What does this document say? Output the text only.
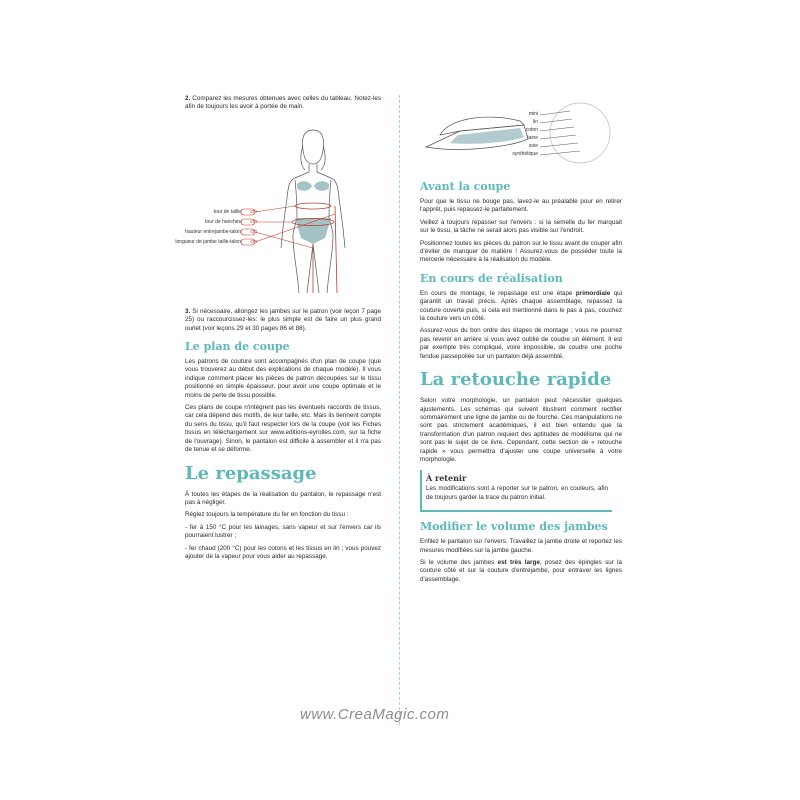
2. Comparez les mesures obtenues avec celles du tableau. Notez-les afin de toujours les avoir à portée de main.

tour de taille
tour de hanches
hauteur entrejambe-talon
longueur de jambe taille-talon
cm
cm
cm
cm

3. Si nécessaire, allongez les jambes sur le patron (voir leçon 7 page 25) ou raccourcissez-les: le plus simple est de faire un plus grand ourlet (voir leçons 29 et 30 pages 86 et 88).

Le plan de coupe

Les patrons de couture sont accompagnés d'un plan de coupe (que vous trouverez au début des explications de chaque modèle). Il vous indique comment placer les pièces de patron découpées sur le tissu positionné en simple épaisseur, pour avoir une coupe optimale et le moins de perte de tissu possible.

Ces plans de coupe n'intègrent pas les éventuels raccords de tissus, car cela dépend des motifs, de leur taille, etc. Mais ils tiennent compte du sens du tissu, qu'il faut respecter lors de la coupe (voir les Fiches tissus en téléchargement sur www.editions-eyrolles.com, sur la fiche de l'ouvrage). Sinon, le pantalon est difficile à assembler et il n'a pas de tenue et se déforme.

Le repassage

À toutes les étapes de la réalisation du pantalon, le repassage n'est pas à négliger.

Réglez toujours la température du fer en fonction du tissu :

- fer à 150 °C pour les lainages, sans vapeur et sur l'envers car ils pourraient lustrer ;

- fer chaud (200 °C) pour les cotons et les tissus en lin ; vous pouvez ajouter de la vapeur pour vous aider au repassage.

mini
lin
coton
laine
soie
synthétique
Avant la coupe

Pour que le tissu ne bouge pas, lavez-le au préalable pour en retirer l'apprêt, puis repassez-le parfaitement.

Veillez à toujours repasser sur l'envers : si la semelle du fer marquait sur le tissu, la tâche ne serait alors pas visible sur l'endroit.

Positionnez toutes les pièces du patron sur le tissu avant de couper afin d'éviter de manquer de matière ! Assurez-vous de posséder toute la mercerie nécessaire à la réalisation du modèle.

En cours de réalisation

En cours de montage, le repassage est une étape primordiale qui garantit un travail précis. Après chaque assemblage, repassez la couture ouverte puis, si cela est mentionné dans le pas à pas, couchez la couture vers un côté.

Assurez-vous du bon ordre des étapes de montage ; vous ne pourrez pas revenir en arrière si vous avez oublié de coudre un élément. Il est par exemple très compliqué, voire impossible, de coudre une poche fendue passepoilée sur un pantalon déjà assemblé.

La retouche rapide

Selon votre morphologie, un pantalon peut nécessiter quelques ajustements. Les schémas qui suivent illustrent comment rectifier sommairement une ligne de jambe ou de fourche. Ces manipulations ne sont pas strictement académiques, il est bien entendu que la transformation d'un patron requiert des aptitudes de modélisme qui ne sont pas le sujet de ce livre. Cependant, cette section de « retouche rapide » vous permettra d'ajuster une coupe universelle à votre morphologie.

À retenir

Les modifications sont à reporter sur le patron, en couleurs, afin de toujours garder la trace du patron initial.

Modifier le volume des jambes

Enfilez le pantalon sur l'envers. Travaillez la jambe droite et reportez les mesures modifiées sur la jambe gauche.

Si le volume des jambes est très large, posez des épingles sur la couture côté et sur la couture d'entrejambe, pour entraver les lignes d'assemblage.

www.CreaMagic.com
